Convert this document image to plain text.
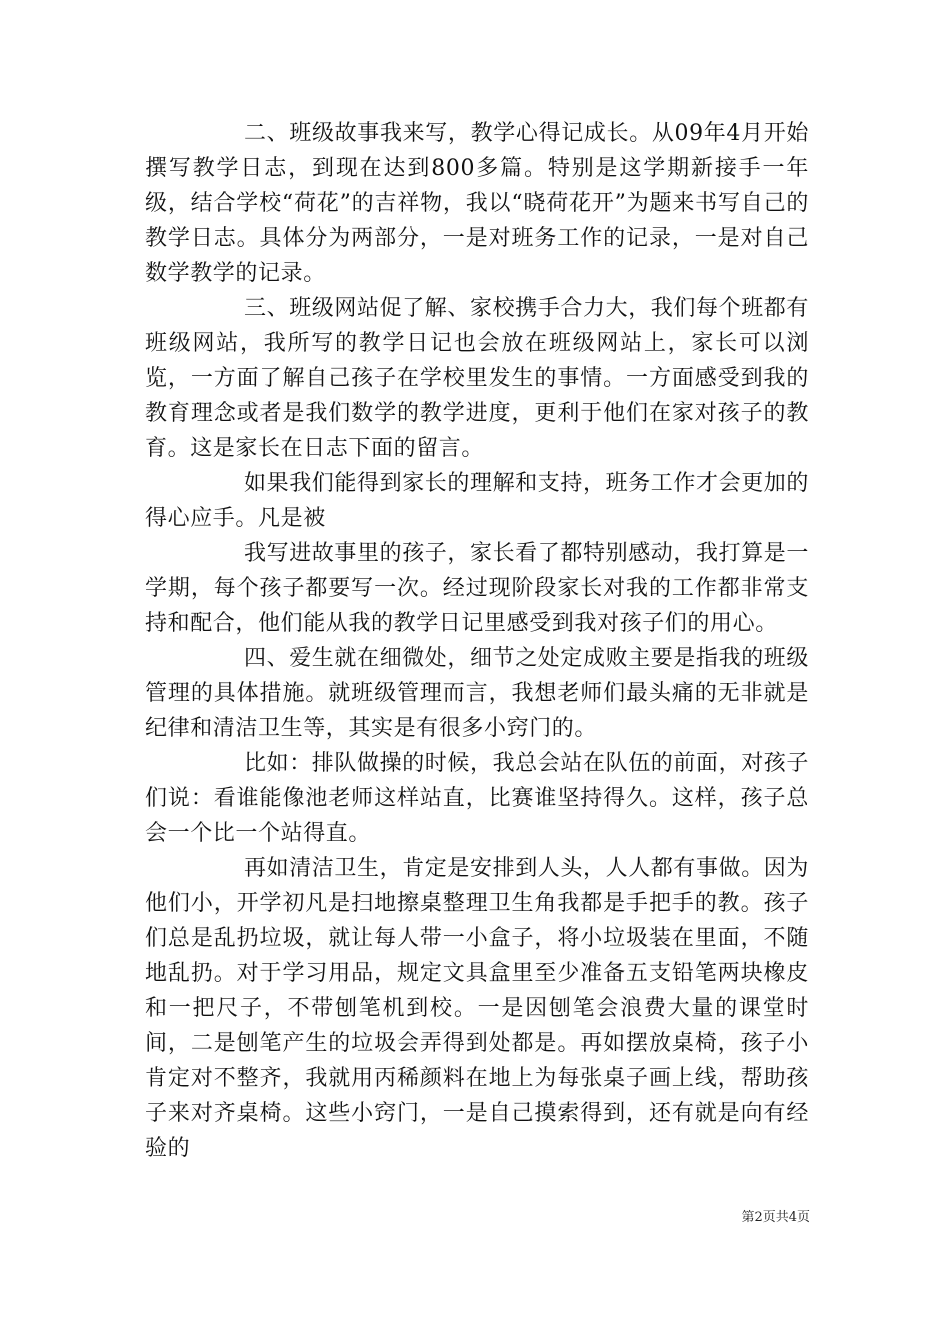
二、班级故事我来写，教学心得记成长。从09年4月开始撰写教学日志，到现在达到800多篇。特别是这学期新接手一年级，结合学校“荷花”的吉祥物，我以“晓荷花开”为题来书写自己的教学日志。具体分为两部分，一是对班务工作的记录，一是对自己数学教学的记录。

三、班级网站促了解、家校携手合力大，我们每个班都有班级网站，我所写的教学日记也会放在班级网站上，家长可以浏览，一方面了解自己孩子在学校里发生的事情。一方面感受到我的教育理念或者是我们数学的教学进度，更利于他们在家对孩子的教育。这是家长在日志下面的留言。

如果我们能得到家长的理解和支持，班务工作才会更加的得心应手。凡是被

我写进故事里的孩子，家长看了都特别感动，我打算是一学期，每个孩子都要写一次。经过现阶段家长对我的工作都非常支持和配合，他们能从我的教学日记里感受到我对孩子们的用心。

四、爱生就在细微处，细节之处定成败主要是指我的班级管理的具体措施。就班级管理而言，我想老师们最头痛的无非就是纪律和清洁卫生等，其实是有很多小窍门的。

比如：排队做操的时候，我总会站在队伍的前面，对孩子们说：看谁能像池老师这样站直，比赛谁坚持得久。这样，孩子总会一个比一个站得直。

再如清洁卫生，肯定是安排到人头，人人都有事做。因为他们小，开学初凡是扫地擦桌整理卫生角我都是手把手的教。孩子们总是乱扔垃圾，就让每人带一小盒子，将小垃圾装在里面，不随地乱扔。对于学习用品，规定文具盒里至少准备五支铅笔两块橡皮和一把尺子，不带刨笔机到校。一是因刨笔会浪费大量的课堂时间，二是刨笔产生的垃圾会弄得到处都是。再如摆放桌椅，孩子小肯定对不整齐，我就用丙稀颜料在地上为每张桌子画上线，帮助孩子来对齐桌椅。这些小窍门，一是自己摸索得到，还有就是向有经验的

第2页共4页
